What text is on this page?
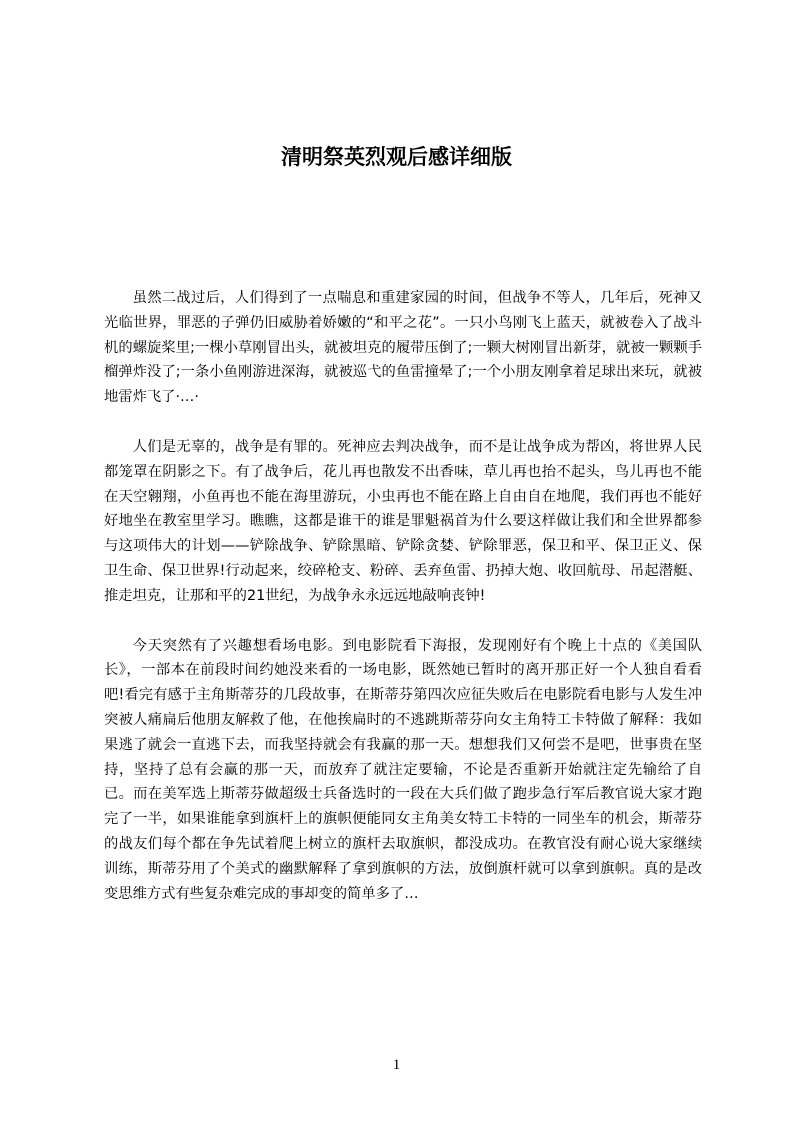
清明祭英烈观后感详细版

虽然二战过后，人们得到了一点喘息和重建家园的时间，但战争不等人，几年后，死神又光临世界，罪恶的子弹仍旧威胁着娇嫩的“和平之花”。一只小鸟刚飞上蓝天，就被卷入了战斗机的螺旋桨里;一棵小草刚冒出头，就被坦克的履带压倒了;一颗大树刚冒出新芽，就被一颗颗手榴弹炸没了;一条小鱼刚游进深海，就被巡弋的鱼雷撞晕了;一个小朋友刚拿着足球出来玩，就被地雷炸飞了·…·

人们是无辜的，战争是有罪的。死神应去判决战争，而不是让战争成为帮凶，将世界人民都笼罩在阴影之下。有了战争后，花儿再也散发不出香味，草儿再也抬不起头，鸟儿再也不能在天空翱翔，小鱼再也不能在海里游玩，小虫再也不能在路上自由自在地爬，我们再也不能好好地坐在教室里学习。瞧瞧，这都是谁干的谁是罪魁祸首为什么要这样做让我们和全世界都参与这项伟大的计划——铲除战争、铲除黑暗、铲除贪婪、铲除罪恶，保卫和平、保卫正义、保卫生命、保卫世界!行动起来，绞碎枪支、粉碎、丢弃鱼雷、扔掉大炮、收回航母、吊起潜艇、推走坦克，让那和平的21世纪，为战争永永远远地敲响丧钟!

今天突然有了兴趣想看场电影。到电影院看下海报，发现刚好有个晚上十点的《美国队长》，一部本在前段时间约她没来看的一场电影，既然她已暂时的离开那正好一个人独自看看吧!看完有感于主角斯蒂芬的几段故事，在斯蒂芬第四次应征失败后在电影院看电影与人发生冲突被人痛扁后他朋友解救了他，在他挨扁时的不逃跳斯蒂芬向女主角特工卡特做了解释：我如果逃了就会一直逃下去，而我坚持就会有我赢的那一天。想想我们又何尝不是吧，世事贵在坚持，坚持了总有会赢的那一天，而放弃了就注定要输，不论是否重新开始就注定先输给了自已。而在美军选上斯蒂芬做超级士兵备选时的一段在大兵们做了跑步急行军后教官说大家才跑完了一半，如果谁能拿到旗杆上的旗帜便能同女主角美女特工卡特的一同坐车的机会，斯蒂芬的战友们每个都在争先试着爬上树立的旗杆去取旗帜，都没成功。在教官没有耐心说大家继续训练，斯蒂芬用了个美式的幽默解释了拿到旗帜的方法，放倒旗杆就可以拿到旗帜。真的是改变思维方式有些复杂难完成的事却变的简单多了…

1
